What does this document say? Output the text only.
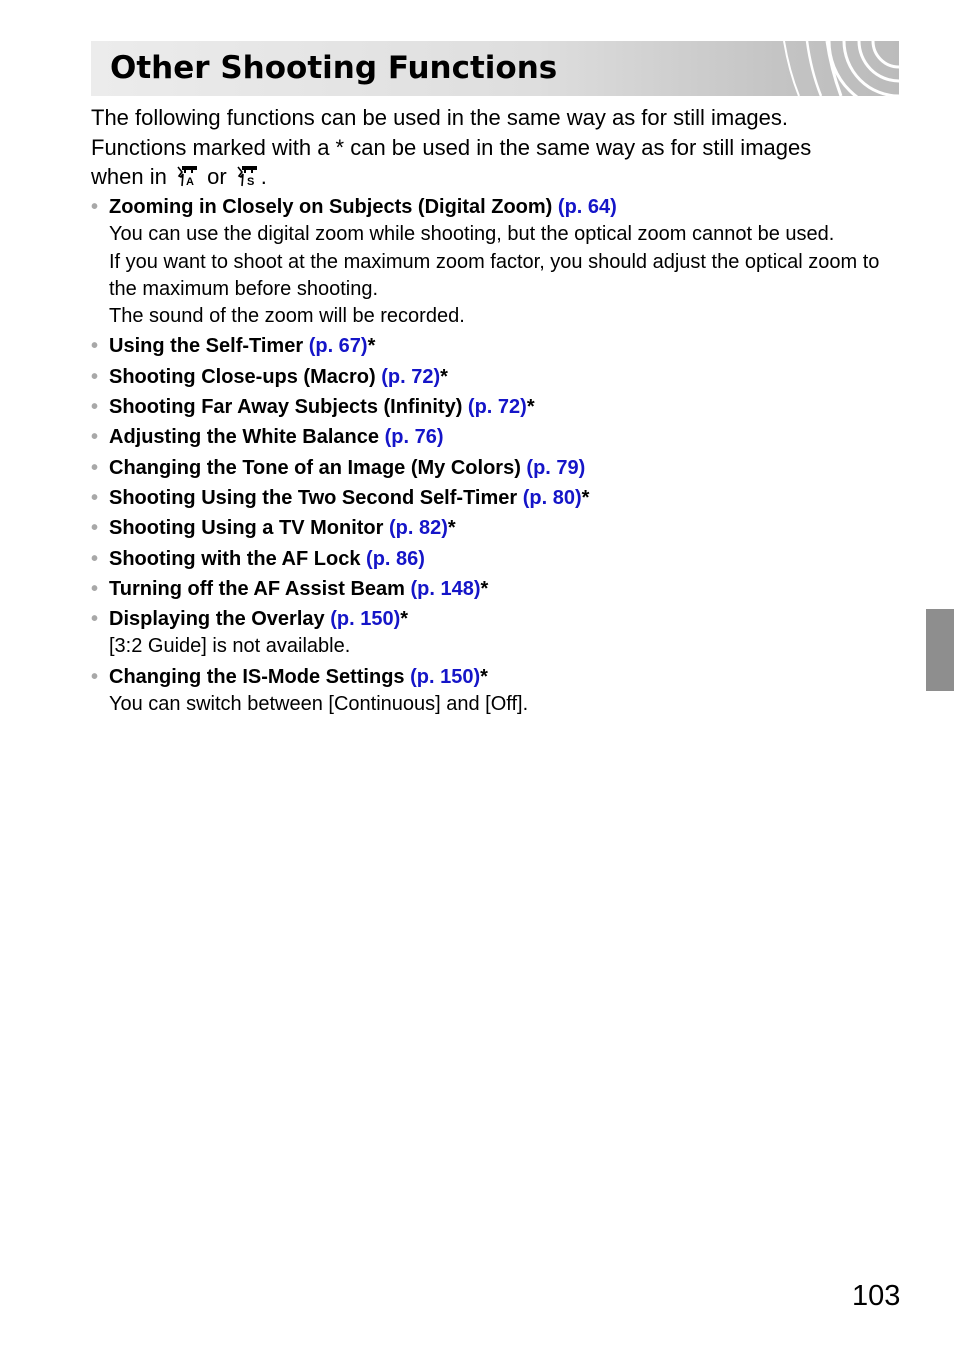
Other Shooting Functions
The following functions can be used in the same way as for still images.
Functions marked with a * can be used in the same way as for still images
when in A or S .
• Zooming in Closely on Subjects (Digital Zoom) (p. 64)
You can use the digital zoom while shooting, but the optical zoom cannot be used.
If you want to shoot at the maximum zoom factor, you should adjust the optical zoom to the maximum before shooting.
The sound of the zoom will be recorded.
• Using the Self-Timer (p. 67)*
• Shooting Close-ups (Macro) (p. 72)*
• Shooting Far Away Subjects (Infinity) (p. 72)*
• Adjusting the White Balance (p. 76)
• Changing the Tone of an Image (My Colors) (p. 79)
• Shooting Using the Two Second Self-Timer (p. 80)*
• Shooting Using a TV Monitor (p. 82)*
• Shooting with the AF Lock (p. 86)
• Turning off the AF Assist Beam (p. 148)*
• Displaying the Overlay (p. 150)*
[3:2 Guide] is not available.
• Changing the IS-Mode Settings (p. 150)*
You can switch between [Continuous] and [Off].
103
